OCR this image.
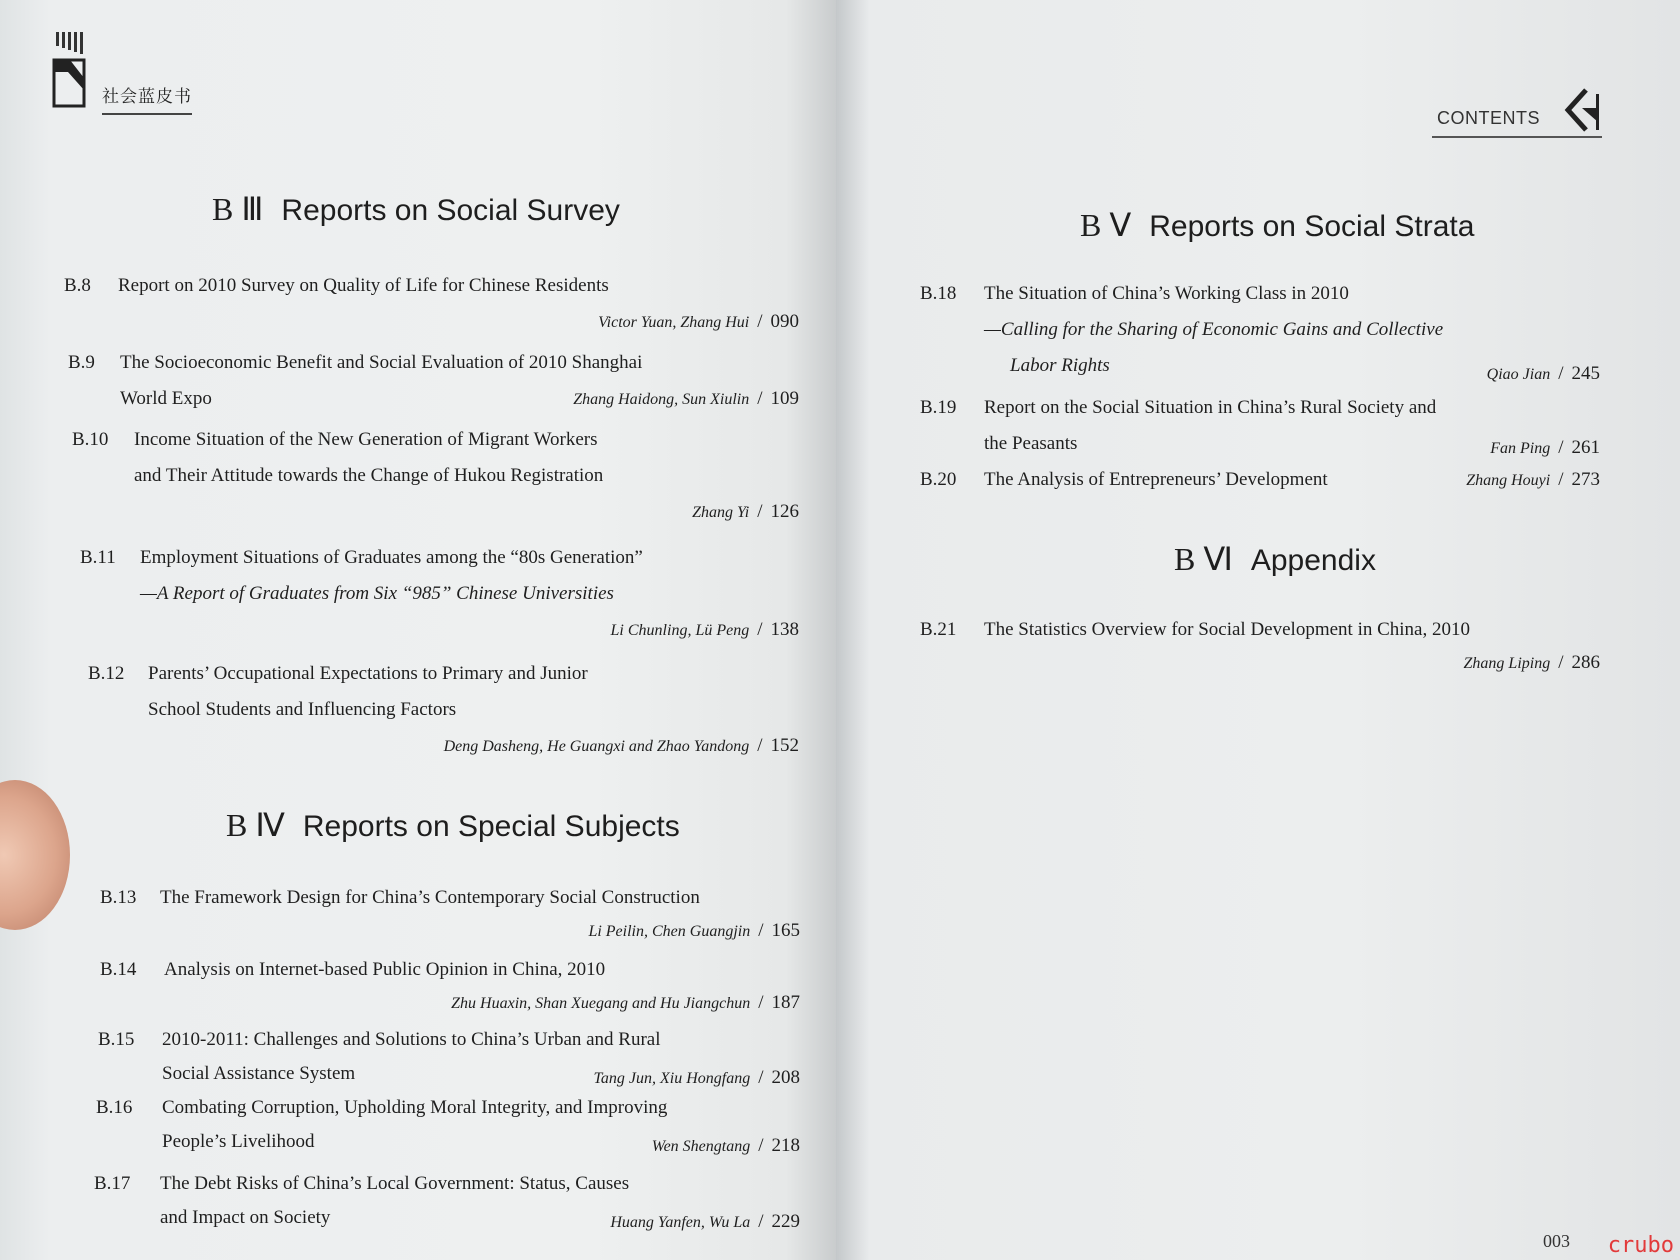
社会蓝皮书
B Ⅲ Reports on Social Survey
B.8	Report on 2010 Survey on Quality of Life for Chinese Residents
Victor Yuan, Zhang Hui / 090
B.9	The Socioeconomic Benefit and Social Evaluation of 2010 Shanghai
World Expo	Zhang Haidong, Sun Xiulin / 109
B.10	Income Situation of the New Generation of Migrant Workers
and Their Attitude towards the Change of Hukou Registration
Zhang Yi / 126
B.11	Employment Situations of Graduates among the “80s Generation”
—A Report of Graduates from Six “985” Chinese Universities
Li Chunling, Lü Peng / 138
B.12	Parents’ Occupational Expectations to Primary and Junior
School Students and Influencing Factors
Deng Dasheng, He Guangxi and Zhao Yandong / 152
B Ⅳ Reports on Special Subjects
B.13	The Framework Design for China’s Contemporary Social Construction
Li Peilin, Chen Guangjin / 165
B.14	Analysis on Internet-based Public Opinion in China, 2010
Zhu Huaxin, Shan Xuegang and Hu Jiangchun / 187
B.15	2010-2011: Challenges and Solutions to China’s Urban and Rural
Social Assistance System	Tang Jun, Xiu Hongfang / 208
B.16	Combating Corruption, Upholding Moral Integrity, and Improving
People’s Livelihood	Wen Shengtang / 218
B.17	The Debt Risks of China’s Local Government: Status, Causes
and Impact on Society	Huang Yanfen, Wu La / 229
CONTENTS
B Ⅴ Reports on Social Strata
B.18	The Situation of China’s Working Class in 2010
—Calling for the Sharing of Economic Gains and Collective
Labor Rights	Qiao Jian / 245
B.19	Report on the Social Situation in China’s Rural Society and
the Peasants	Fan Ping / 261
B.20	The Analysis of Entrepreneurs’ Development	Zhang Houyi / 273
B Ⅵ Appendix
B.21	The Statistics Overview for Social Development in China, 2010
Zhang Liping / 286
003 crubo
